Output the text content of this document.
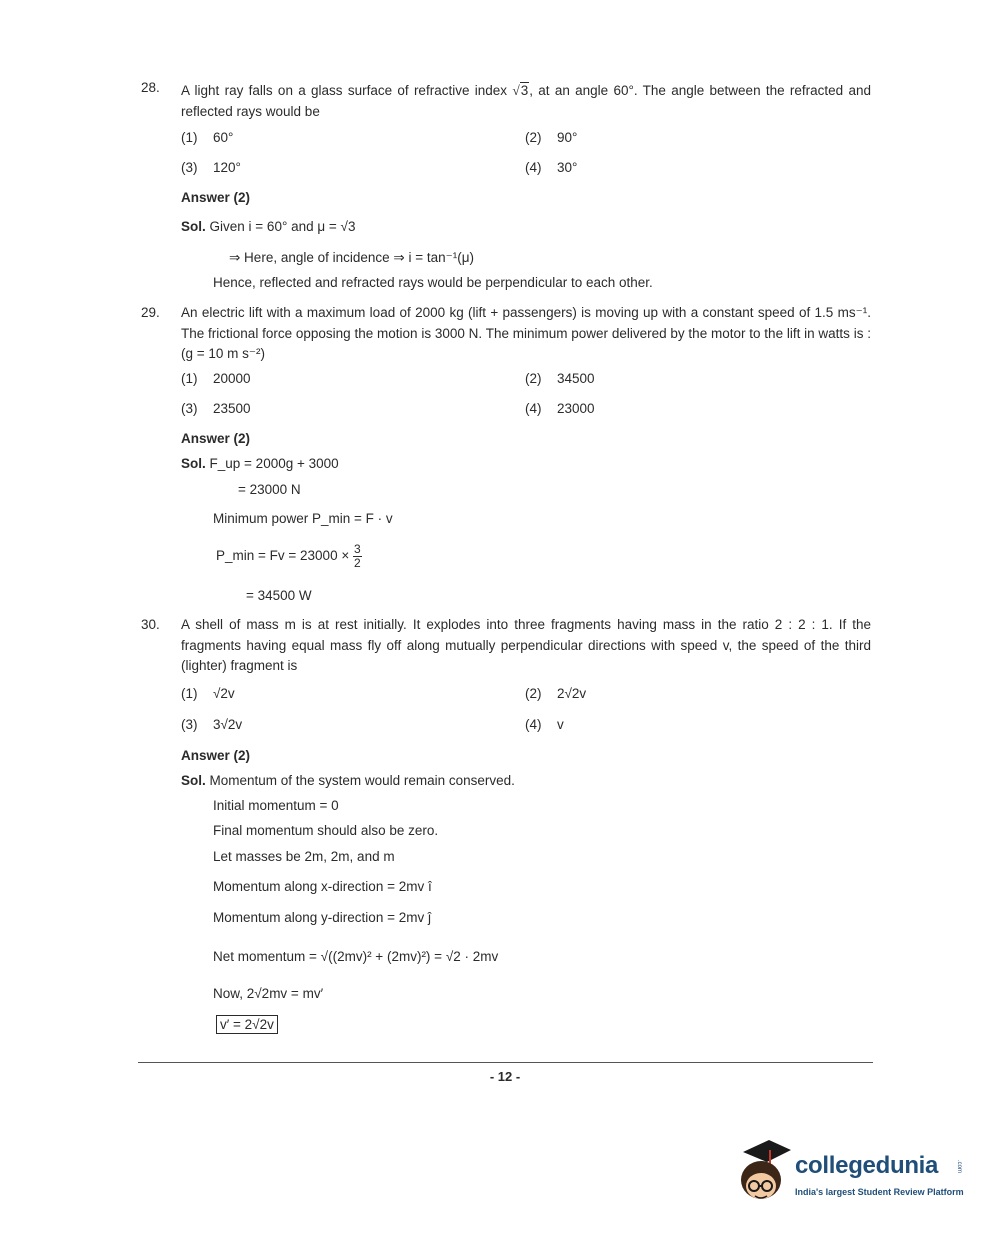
28. A light ray falls on a glass surface of refractive index √3, at an angle 60°. The angle between the refracted and reflected rays would be
(1) 60°	(2) 90°
(3) 120°	(4) 30°
Answer (2)
Sol. Given i = 60° and μ = √3
⇒ Here, angle of incidence ⇒ i = tan⁻¹(μ)
Hence, reflected and refracted rays would be perpendicular to each other.
29. An electric lift with a maximum load of 2000 kg (lift + passengers) is moving up with a constant speed of 1.5 ms⁻¹. The frictional force opposing the motion is 3000 N. The minimum power delivered by the motor to the lift in watts is : (g = 10 m s⁻²)
(1) 20000	(2) 34500
(3) 23500	(4) 23000
Answer (2)
Sol. F_up = 2000g + 3000
= 23000 N
Minimum power P_min = F · v
P_min = $Fv = 23000 \times \frac{3}{2}$
= 34500 W
30. A shell of mass m is at rest initially. It explodes into three fragments having mass in the ratio 2 : 2 : 1. If the fragments having equal mass fly off along mutually perpendicular directions with speed v, the speed of the third (lighter) fragment is
(1) √2v	(2) 2√2v
(3) 3√2v	(4) v
Answer (2)
Sol. Momentum of the system would remain conserved.
Initial momentum = 0
Final momentum should also be zero.
Let masses be 2m, 2m, and m
Momentum along x-direction = 2mv î
Momentum along y-direction = 2mv ĵ
Net momentum = √((2mv)² + (2mv)²) = √2 · 2mv
Now, 2√2mv = mv′
v′ = 2√2v
- 12 -
collegedunia	.com
India's largest Student Review Platform
